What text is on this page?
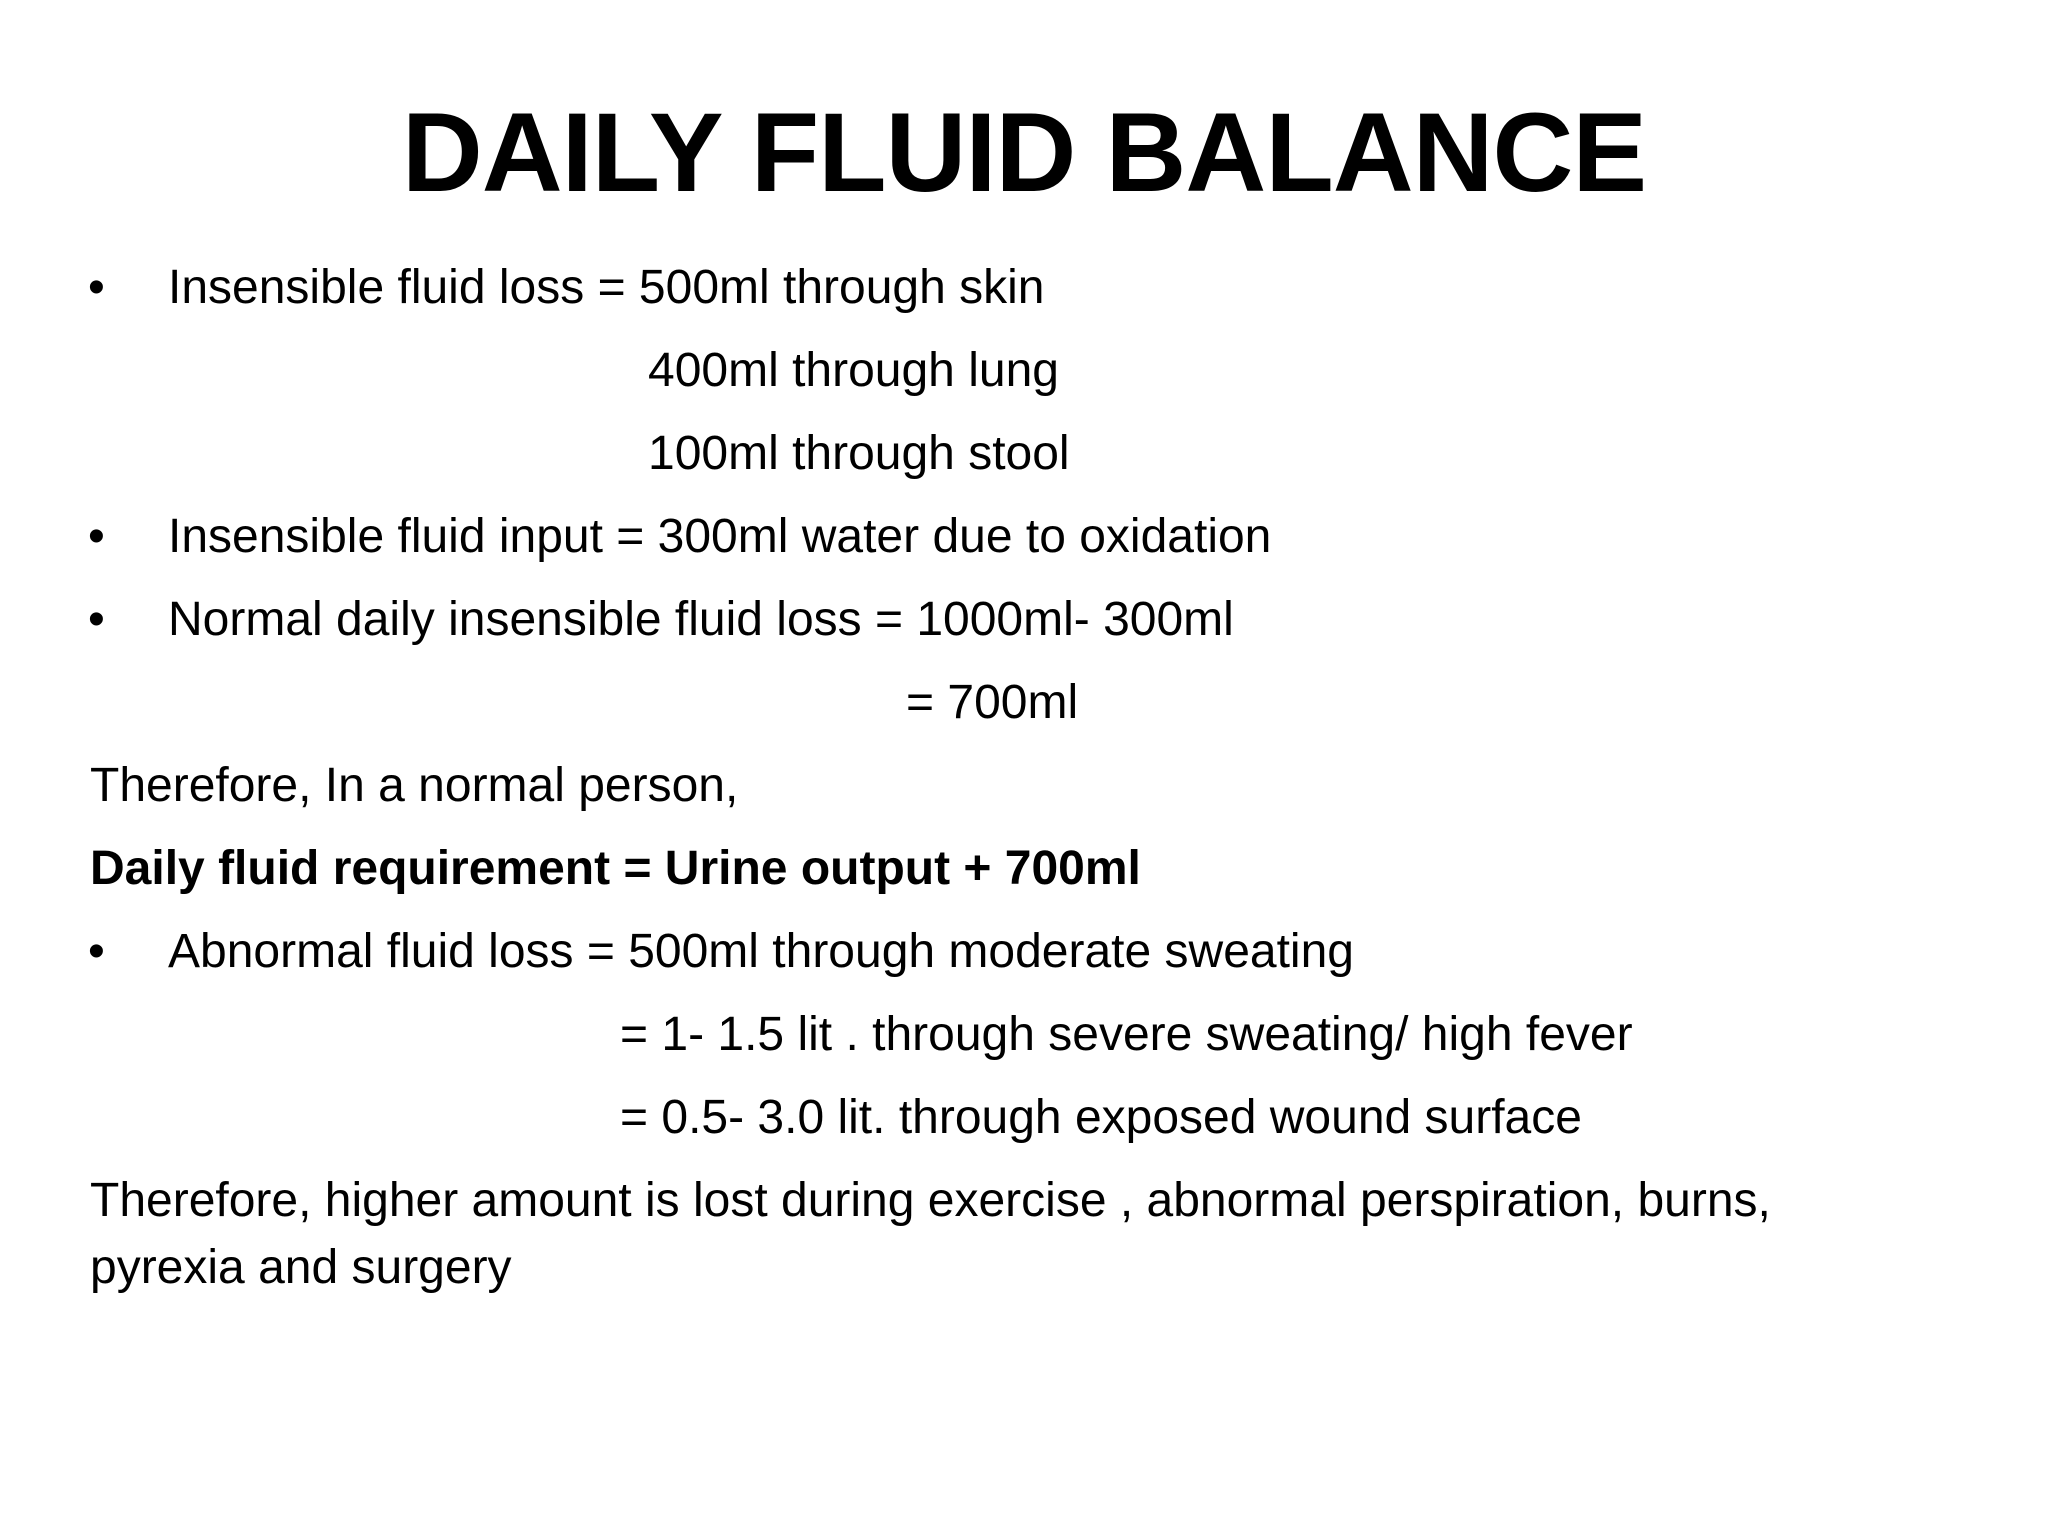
DAILY FLUID BALANCE
• Insensible fluid loss = 500ml through skin
400ml through lung
100ml through stool
• Insensible fluid input = 300ml water due to oxidation
• Normal daily insensible fluid loss = 1000ml- 300ml
= 700ml
Therefore, In a normal person,
Daily fluid requirement = Urine output + 700ml
• Abnormal fluid loss = 500ml through moderate sweating
= 1- 1.5 lit . through severe sweating/ high fever
= 0.5- 3.0 lit. through exposed wound surface
Therefore, higher amount is lost during exercise , abnormal perspiration, burns,
pyrexia and surgery
